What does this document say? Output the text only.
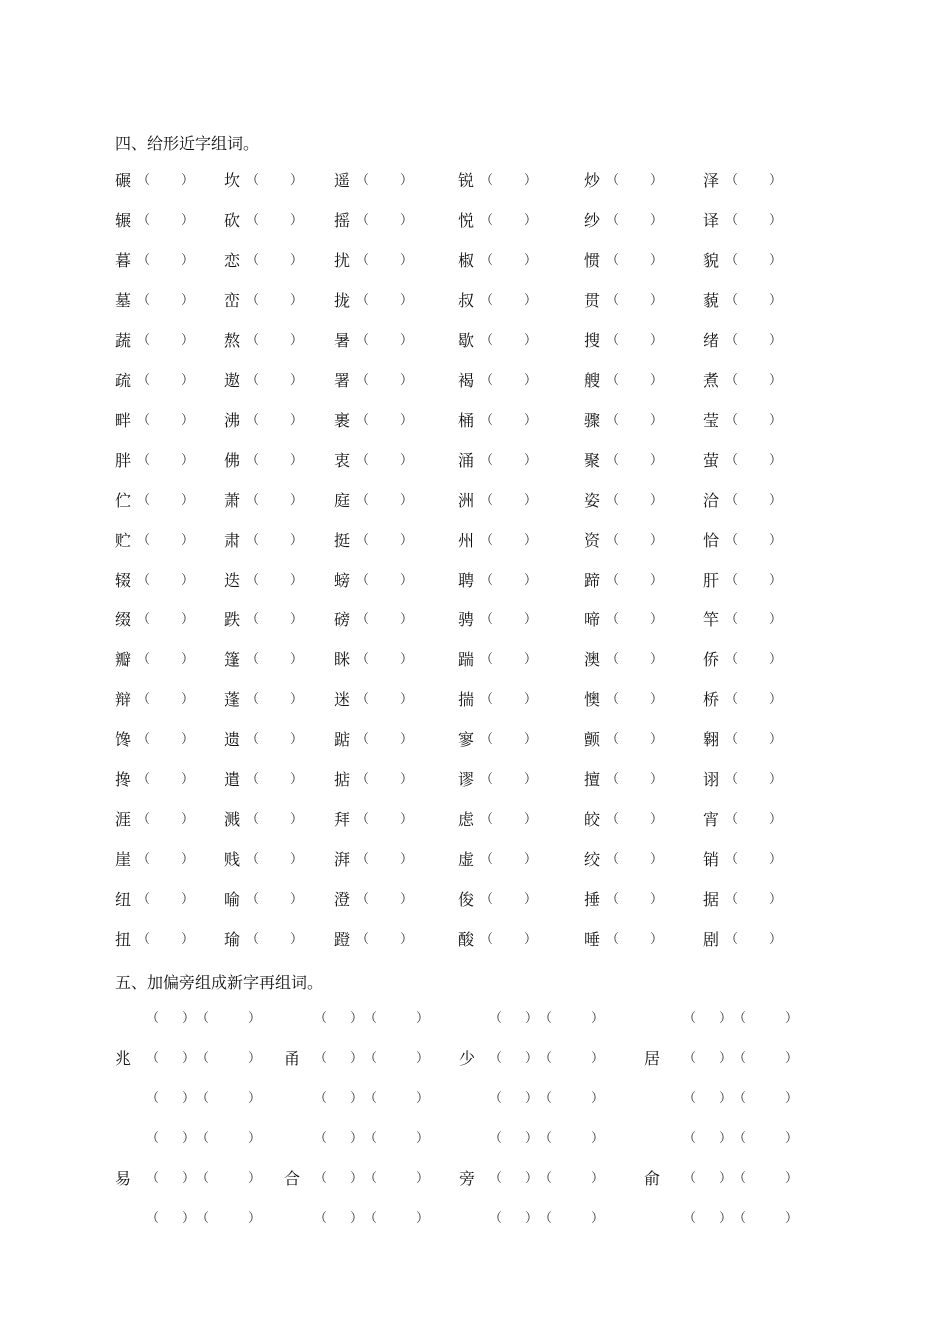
四、给形近字组词。
碾 （ ） 坎 （ ） 遥 （ ）	锐 （ ）	炒 （ ） 泽 （ ）
辗 （ ） 砍 （ ） 摇 （ ）	悦 （ ）	纱 （ ） 译 （ ）
暮 （ ） 恋 （ ） 扰 （ ）	椒 （ ）	惯 （ ） 貌 （ ）
墓 （ ） 峦 （ ） 拢 （ ）	叔 （ ）	贯 （ ） 藐 （ ）
蔬 （ ） 熬 （ ） 暑 （ ）	歇 （ ）	搜 （ ） 绪 （ ）
疏 （ ） 遨 （ ） 署 （ ）	褐 （ ）	艘 （ ） 煮 （ ）
畔 （ ） 沸 （ ） 裹 （ ）	桶 （ ）	骤 （ ） 莹 （ ）
胖 （ ） 佛 （ ） 衷 （ ）	涌 （ ）	聚 （ ） 萤 （ ）
伫 （ ） 萧 （ ） 庭 （ ）	洲 （ ）	姿 （ ） 洽 （ ）
贮 （ ） 肃 （ ） 挺 （ ）	州 （ ）	资 （ ） 恰 （ ）
辍 （ ） 迭 （ ） 螃 （ ）	聘 （ ）	蹄 （ ） 肝 （ ）
缀 （ ） 跌 （ ） 磅 （ ）	骋 （ ）	啼 （ ） 竿 （ ）
瓣 （ ） 篷 （ ） 眯 （ ）	踹 （ ）	澳 （ ） 侨 （ ）
辩 （ ） 蓬 （ ） 迷 （ ）	揣 （ ）	懊 （ ） 桥 （ ）
馋 （ ） 遗 （ ） 踮 （ ）	寥 （ ）	颤 （ ） 翱 （ ）
搀 （ ） 遣 （ ） 掂 （ ）	谬 （ ）	擅 （ ） 诩 （ ）
涯 （ ） 溅 （ ） 拜 （ ）	虑 （ ）	皎 （ ） 宵 （ ）
崖 （ ） 贱 （ ） 湃 （ ）	虚 （ ）	绞 （ ） 销 （ ）
纽 （ ） 喻 （ ） 澄 （ ）	俊 （ ）	捶 （ ） 据 （ ）
扭 （ ） 瑜 （ ） 蹬 （ ）	酸 （ ）	唾 （ ） 剧 （ ）
五、加偏旁组成新字再组词。
（ ） （	）	（ ） （	）	（ ） （	）	（ ） （	）
兆 （ ） （	） 甬 （ ） （	） 少 （ ） （	） 居 （ ） （	）
（ ） （	）	（ ） （	）	（ ） （	）	（ ） （	）
（ ） （	）	（ ） （	）	（ ） （	）	（ ） （	）
易 （ ） （	） 合 （ ） （	） 旁 （ ） （	） 俞 （ ） （	）
（ ） （	）	（ ） （	）	（ ） （	）	（ ） （	）
